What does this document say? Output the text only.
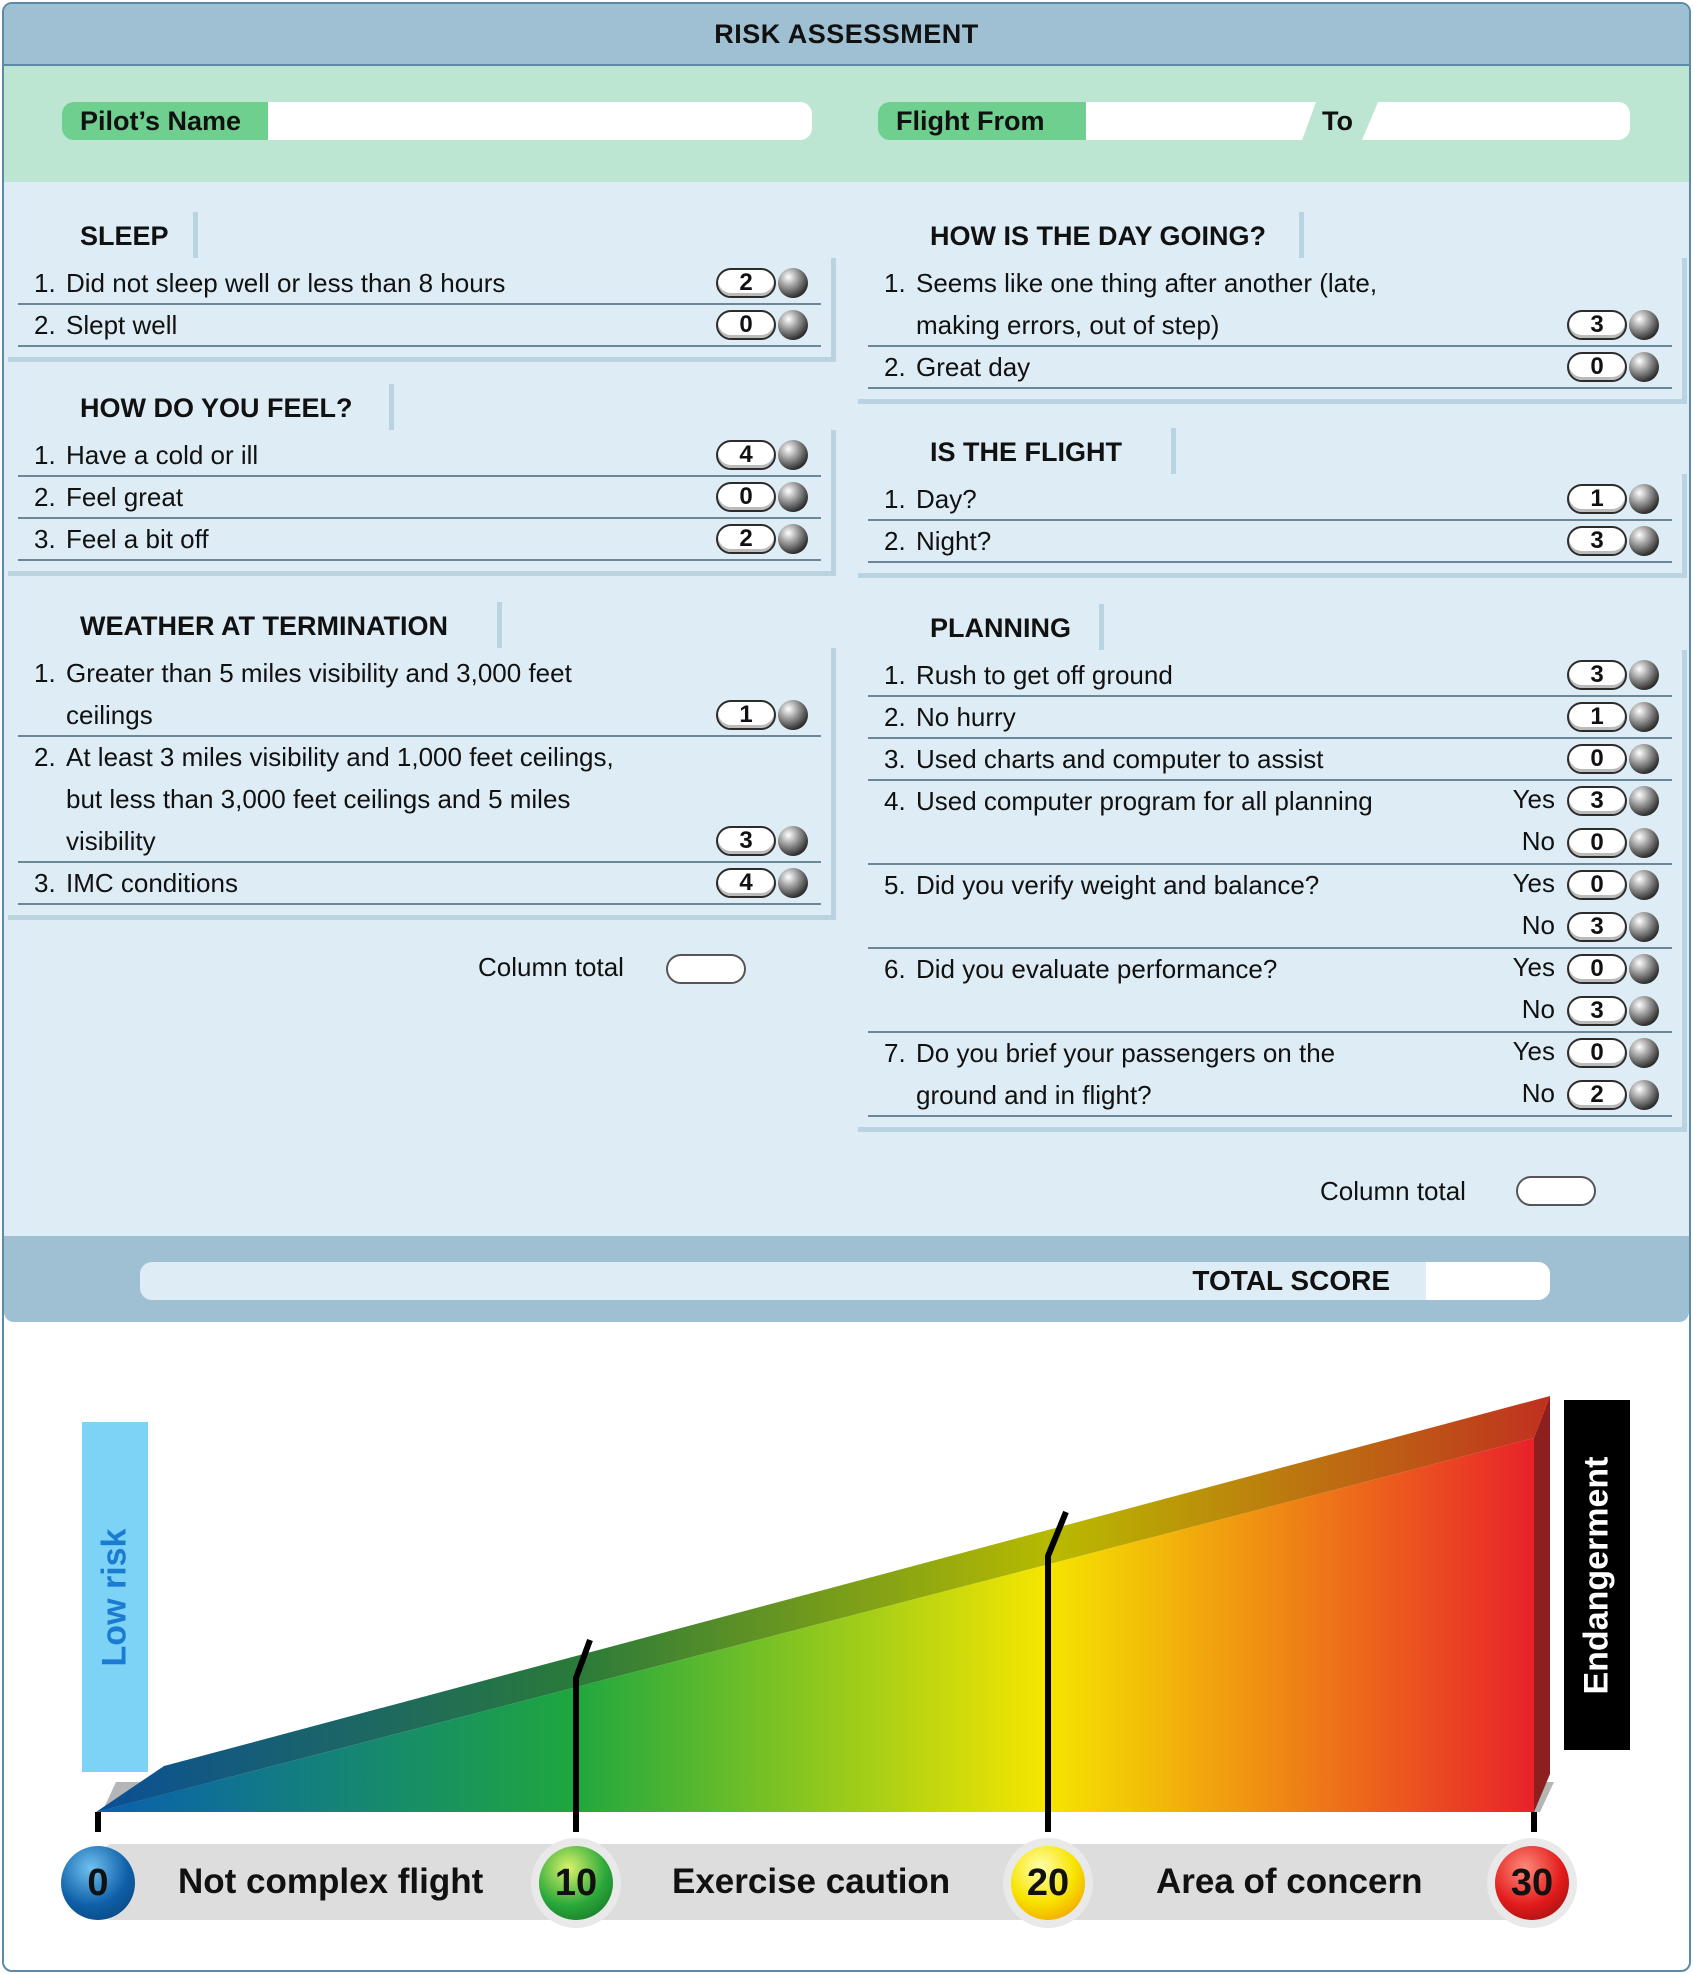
RISK ASSESSMENT
Pilot’s Name	Flight From	To
SLEEP
1. Did not sleep well or less than 8 hours	2
2. Slept well	0
HOW DO YOU FEEL?
1. Have a cold or ill	4
2. Feel great	0
3. Feel a bit off	2
WEATHER AT TERMINATION
1. Greater than 5 miles visibility and 3,000 feet
ceilings	1
2. At least 3 miles visibility and 1,000 feet ceilings,
but less than 3,000 feet ceilings and 5 miles
visibility	3
3. IMC conditions	4
HOW IS THE DAY GOING?
1. Seems like one thing after another (late,
making errors, out of step)	3
2. Great day	0
IS THE FLIGHT
1. Day?	1
2. Night?	3
PLANNING
1. Rush to get off ground	3
2. No hurry	1
3. Used charts and computer to assist	0
4. Used computer program for all planning	Yes	3
No	0
5. Did you verify weight and balance?	Yes	0
No	3
6. Did you evaluate performance?	Yes	0
No	3
7. Do you brief your passengers on the
ground and in flight?
Yes	0
No	2
Column total
Column total
TOTAL SCORE
Low risk	Endangerment
0	10	20	30
Not complex flight	Exercise caution	Area of concern
